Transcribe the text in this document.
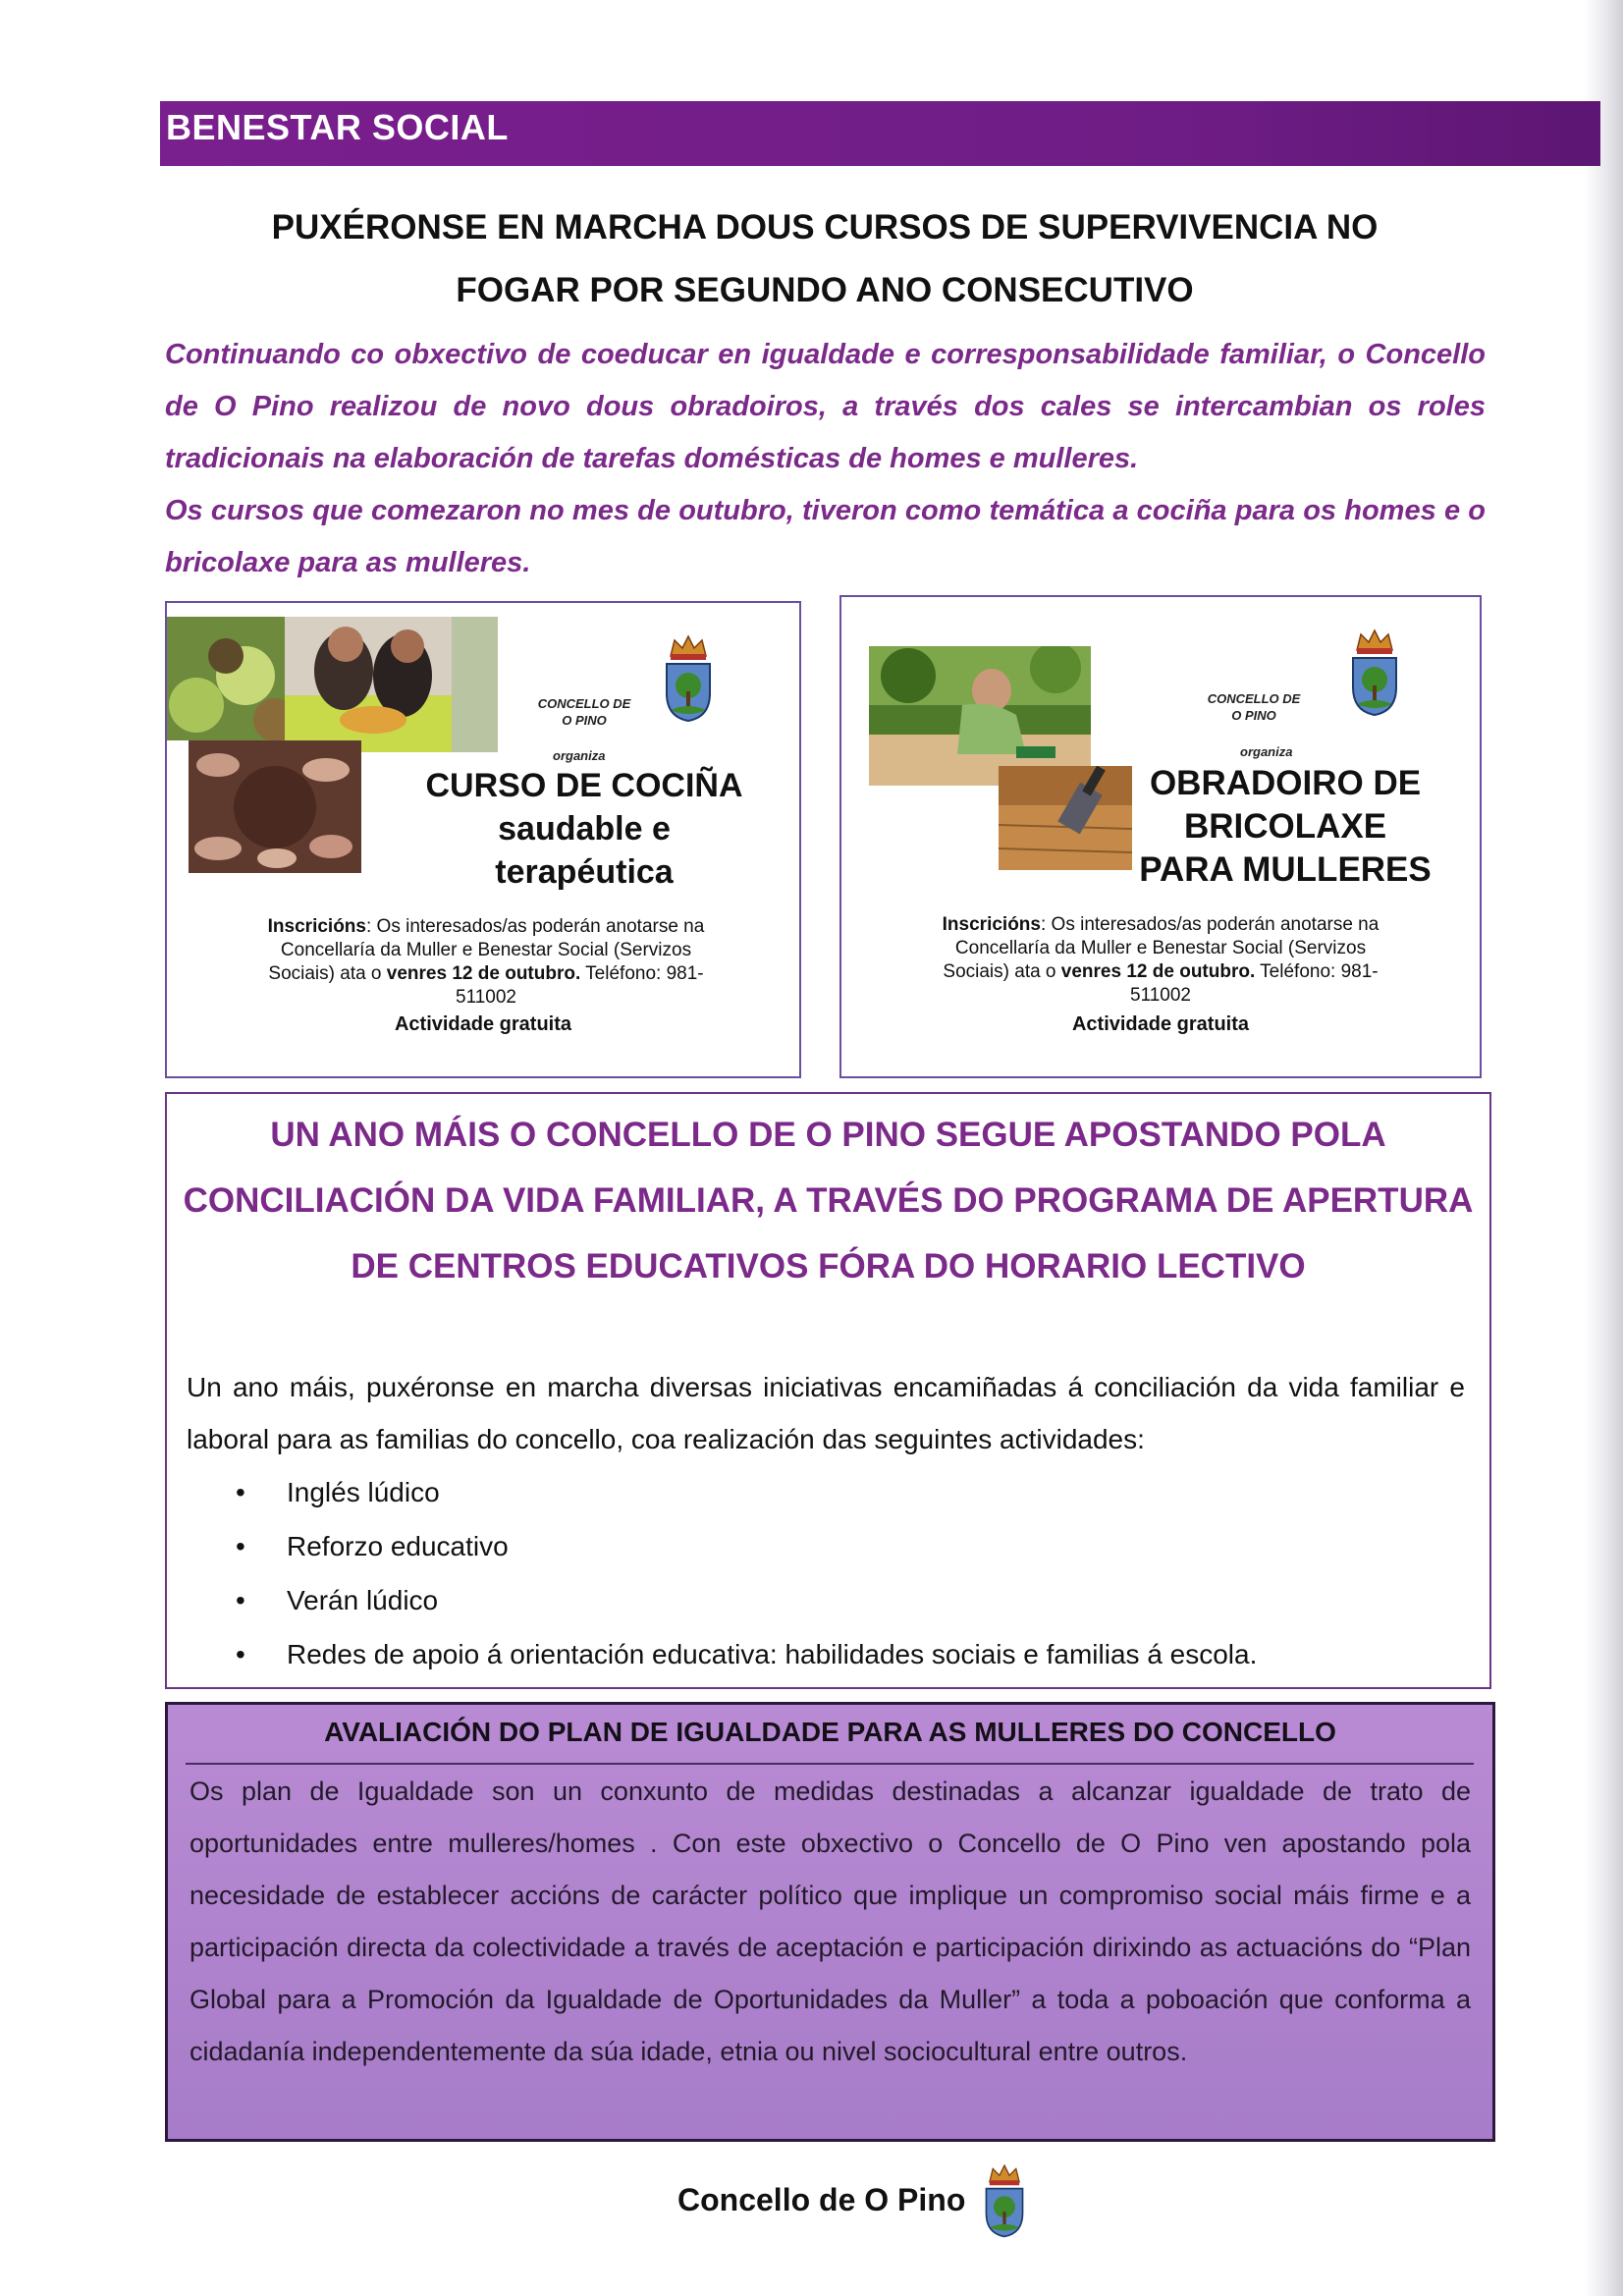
BENESTAR SOCIAL
PUXÉRONSE EN MARCHA DOUS CURSOS DE SUPERVIVENCIA NO
FOGAR POR SEGUNDO ANO CONSECUTIVO

Continuando co obxectivo de coeducar en igualdade e corresponsabilidade familiar, o Concello de O Pino realizou de novo dous obradoiros, a través dos cales se intercambian os roles tradicionais na elaboración de tarefas domésticas de homes e mulleres.

Os cursos que comezaron no mes de outubro, tiveron como temática a cociña para os homes e o bricolaxe para as mulleres.

CONCELLO DE
O PINO
organiza
CURSO DE COCIÑA
saudable e
terapéutica
Inscricións: Os interesados/as poderán anotarse na Concellaría da Muller e Benestar Social (Servizos Sociais) ata o venres 12 de outubro. Teléfono: 981-511002
Actividade gratuita
CONCELLO DE
O PINO
organiza
OBRADOIRO DE
BRICOLAXE
PARA MULLERES
Inscricións: Os interesados/as poderán anotarse na Concellaría da Muller e Benestar Social (Servizos Sociais) ata o venres 12 de outubro. Teléfono: 981-511002
Actividade gratuita
UN ANO MÁIS O CONCELLO DE O PINO SEGUE APOSTANDO POLA CONCILIACIÓN DA VIDA FAMILIAR, A TRAVÉS DO PROGRAMA DE APERTURA DE CENTROS EDUCATIVOS FÓRA DO HORARIO LECTIVO

Un ano máis, puxéronse en marcha diversas iniciativas encamiñadas á conciliación da vida familiar e laboral para as familias do concello, coa realización das seguintes actividades:

• Inglés lúdico
• Reforzo educativo
• Verán lúdico
• Redes de apoio á orientación educativa: habilidades sociais e familias á escola.
AVALIACIÓN DO PLAN DE IGUALDADE PARA AS MULLERES DO CONCELLO

Os plan de Igualdade son un conxunto de medidas destinadas a alcanzar igualdade de trato de oportunidades entre mulleres/homes . Con este obxectivo o Concello de O Pino ven apostando pola necesidade de establecer accións de carácter político que implique un compromiso social máis firme e a participación directa da colectividade a través de aceptación e participación dirixindo as actuacións do “Plan Global para a Promoción da Igualdade de Oportunidades da Muller” a toda a poboación que conforma a cidadanía independentemente da súa idade, etnia ou nivel sociocultural entre outros.

Concello de O Pino
